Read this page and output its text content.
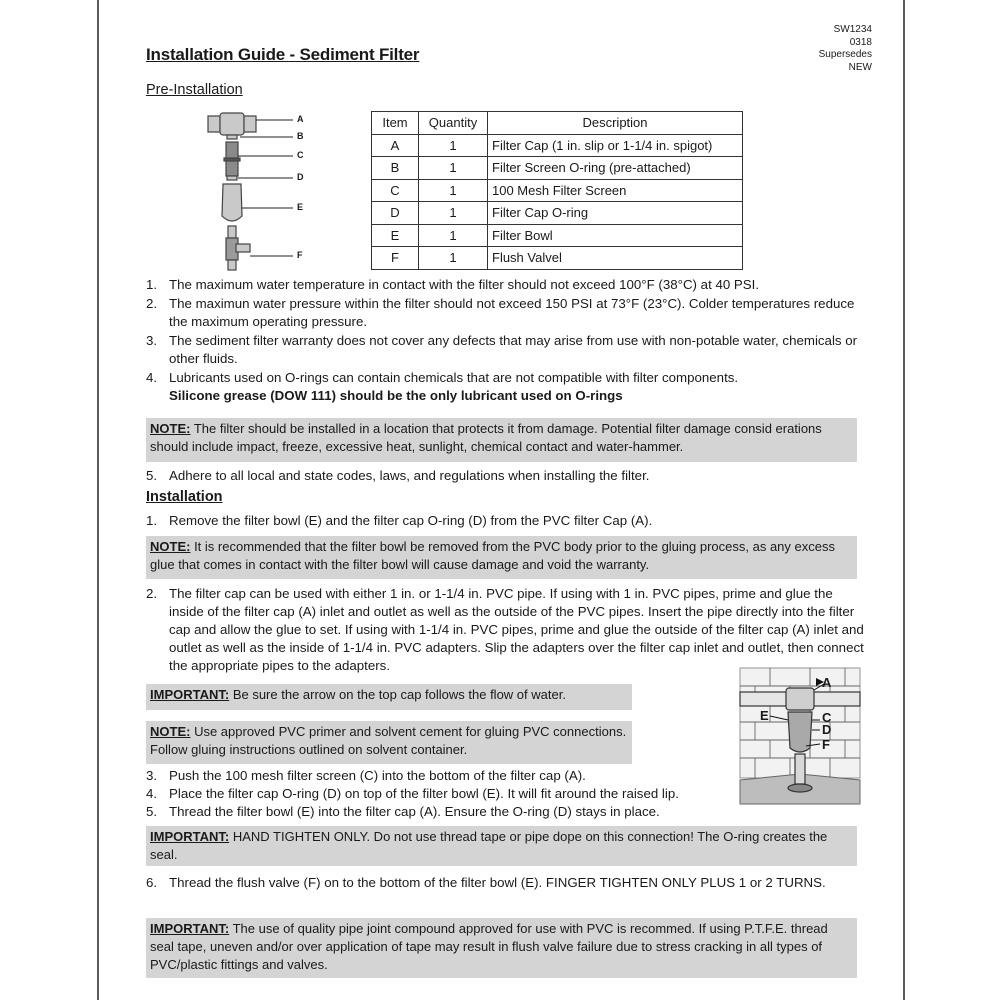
Installation Guide - Sediment Filter
SW1234
0318
Supersedes
NEW
Pre-Installation
A
B
C
D
E
F
Item	Quantity	Description
A	1	Filter Cap (1 in. slip or 1-1/4 in. spigot)
B	1	Filter Screen O-ring (pre-attached)
C	1	100 Mesh Filter Screen
D	1	Filter Cap O-ring
E	1	Filter Bowl
F	1	Flush Valvel
1. The maximum water temperature in contact with the filter should not exceed 100°F (38°C) at 40 PSI.
2. The maximun water pressure within the filter should not exceed 150 PSI at 73°F (23°C). Colder temperatures reduce the maximum operating pressure.
3. The sediment filter warranty does not cover any defects that may arise from use with non-potable water, chemicals or other fluids.
4. Lubricants used on O-rings can contain chemicals that are not compatible with filter components.
Silicone grease (DOW 111) should be the only lubricant used on O-rings
NOTE: The filter should be installed in a location that protects it from damage. Potential filter damage consid erations should include impact, freeze, excessive heat, sunlight, chemical contact and water-hammer.
5. Adhere to all local and state codes, laws, and regulations when installing the filter.
Installation
1. Remove the filter bowl (E) and the filter cap O-ring (D) from the PVC filter Cap (A).
NOTE: It is recommended that the filter bowl be removed from the PVC body prior to the gluing process, as any excess glue that comes in contact with the filter bowl will cause damage and void the warranty.
2. The filter cap can be used with either 1 in. or 1-1/4 in. PVC pipe. If using with 1 in. PVC pipes, prime and glue the inside of the filter cap (A) inlet and outlet as well as the outside of the PVC pipes. Insert the pipe directly into the filter cap and allow the glue to set. If using with 1-1/4 in. PVC pipes, prime and glue the outside of the filter cap (A) inlet and outlet as well as the inside of 1-1/4 in. PVC adapters. Slip the adapters over the filter cap inlet and outlet, then connect the appropriate pipes to the adapters.
IMPORTANT: Be sure the arrow on the top cap follows the flow of water.
NOTE: Use approved PVC primer and solvent cement for gluing PVC connections. Follow gluing instructions outlined on solvent container.
A
E	C
D
F
3. Push the 100 mesh filter screen (C) into the bottom of the filter cap (A).
4. Place the filter cap O-ring (D) on top of the filter bowl (E). It will fit around the raised lip.
5. Thread the filter bowl (E) into the filter cap (A). Ensure the O-ring (D) stays in place.
IMPORTANT: HAND TIGHTEN ONLY. Do not use thread tape or pipe dope on this connection! The O-ring creates the seal.
6. Thread the flush valve (F) on to the bottom of the filter bowl (E). FINGER TIGHTEN ONLY PLUS 1 or 2 TURNS.
IMPORTANT: The use of quality pipe joint compound approved for use with PVC is recommed. If using P.T.F.E. thread seal tape, uneven and/or over application of tape may result in flush valve failure due to stress cracking in all types of PVC/plastic fittings and valves.
